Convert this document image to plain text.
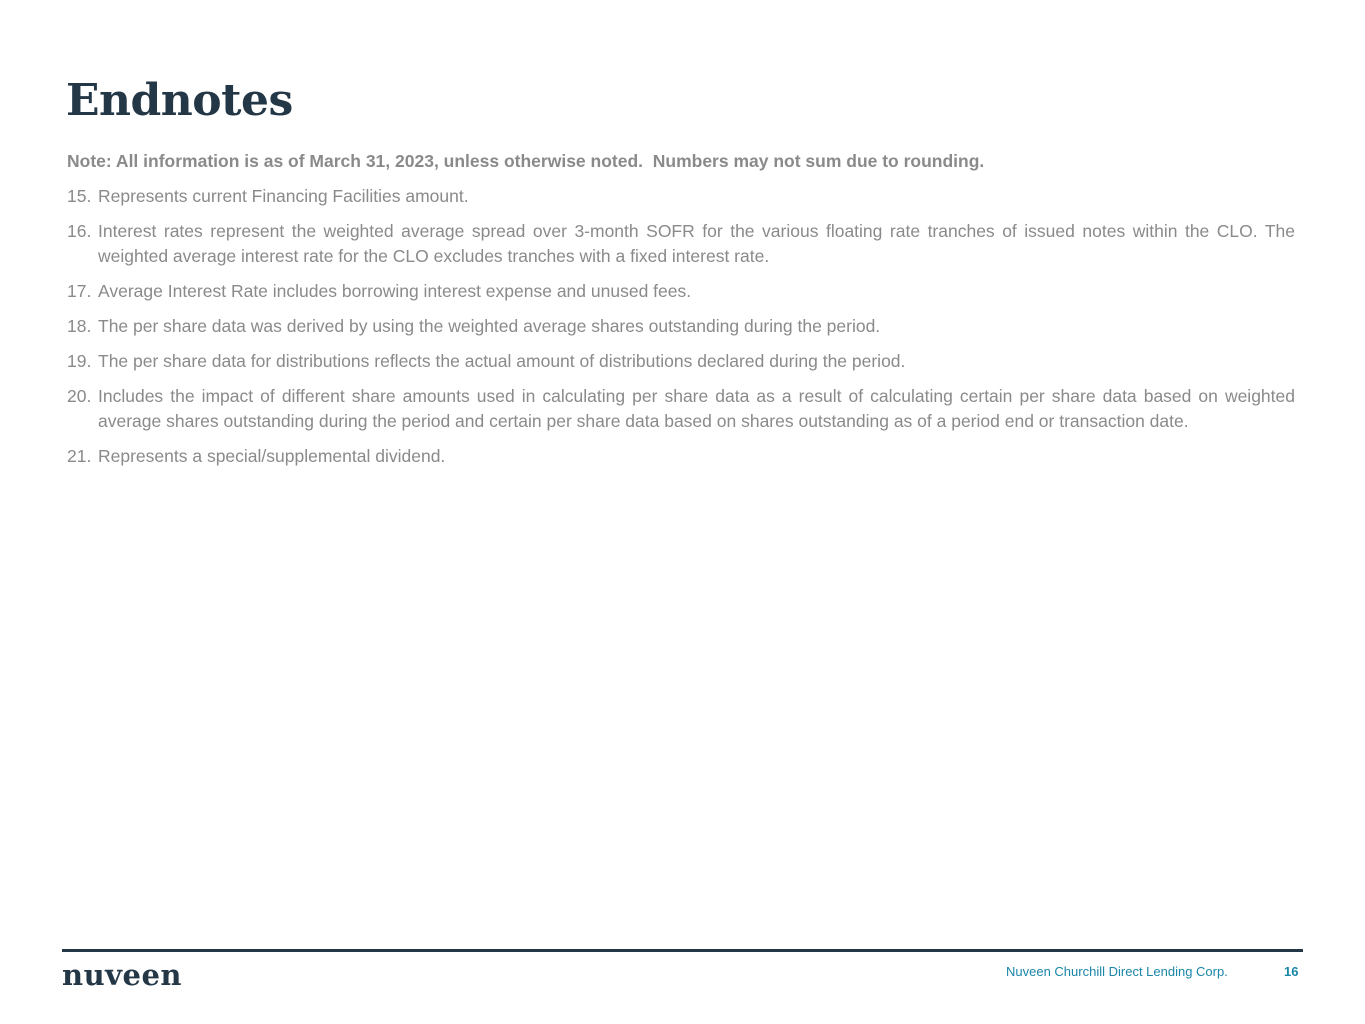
Endnotes

Note: All information is as of March 31, 2023, unless otherwise noted.  Numbers may not sum due to rounding.

15. Represents current Financing Facilities amount.
16. Interest rates represent the weighted average spread over 3-month SOFR for the various floating rate tranches of issued notes within the CLO. The weighted average interest rate for the CLO excludes tranches with a fixed interest rate.
17. Average Interest Rate includes borrowing interest expense and unused fees.
18. The per share data was derived by using the weighted average shares outstanding during the period.
19. The per share data for distributions reflects the actual amount of distributions declared during the period.
20. Includes the impact of different share amounts used in calculating per share data as a result of calculating certain per share data based on weighted average shares outstanding during the period and certain per share data based on shares outstanding as of a period end or transaction date.
21. Represents a special/supplemental dividend.
nuveen	Nuveen Churchill Direct Lending Corp.	16
